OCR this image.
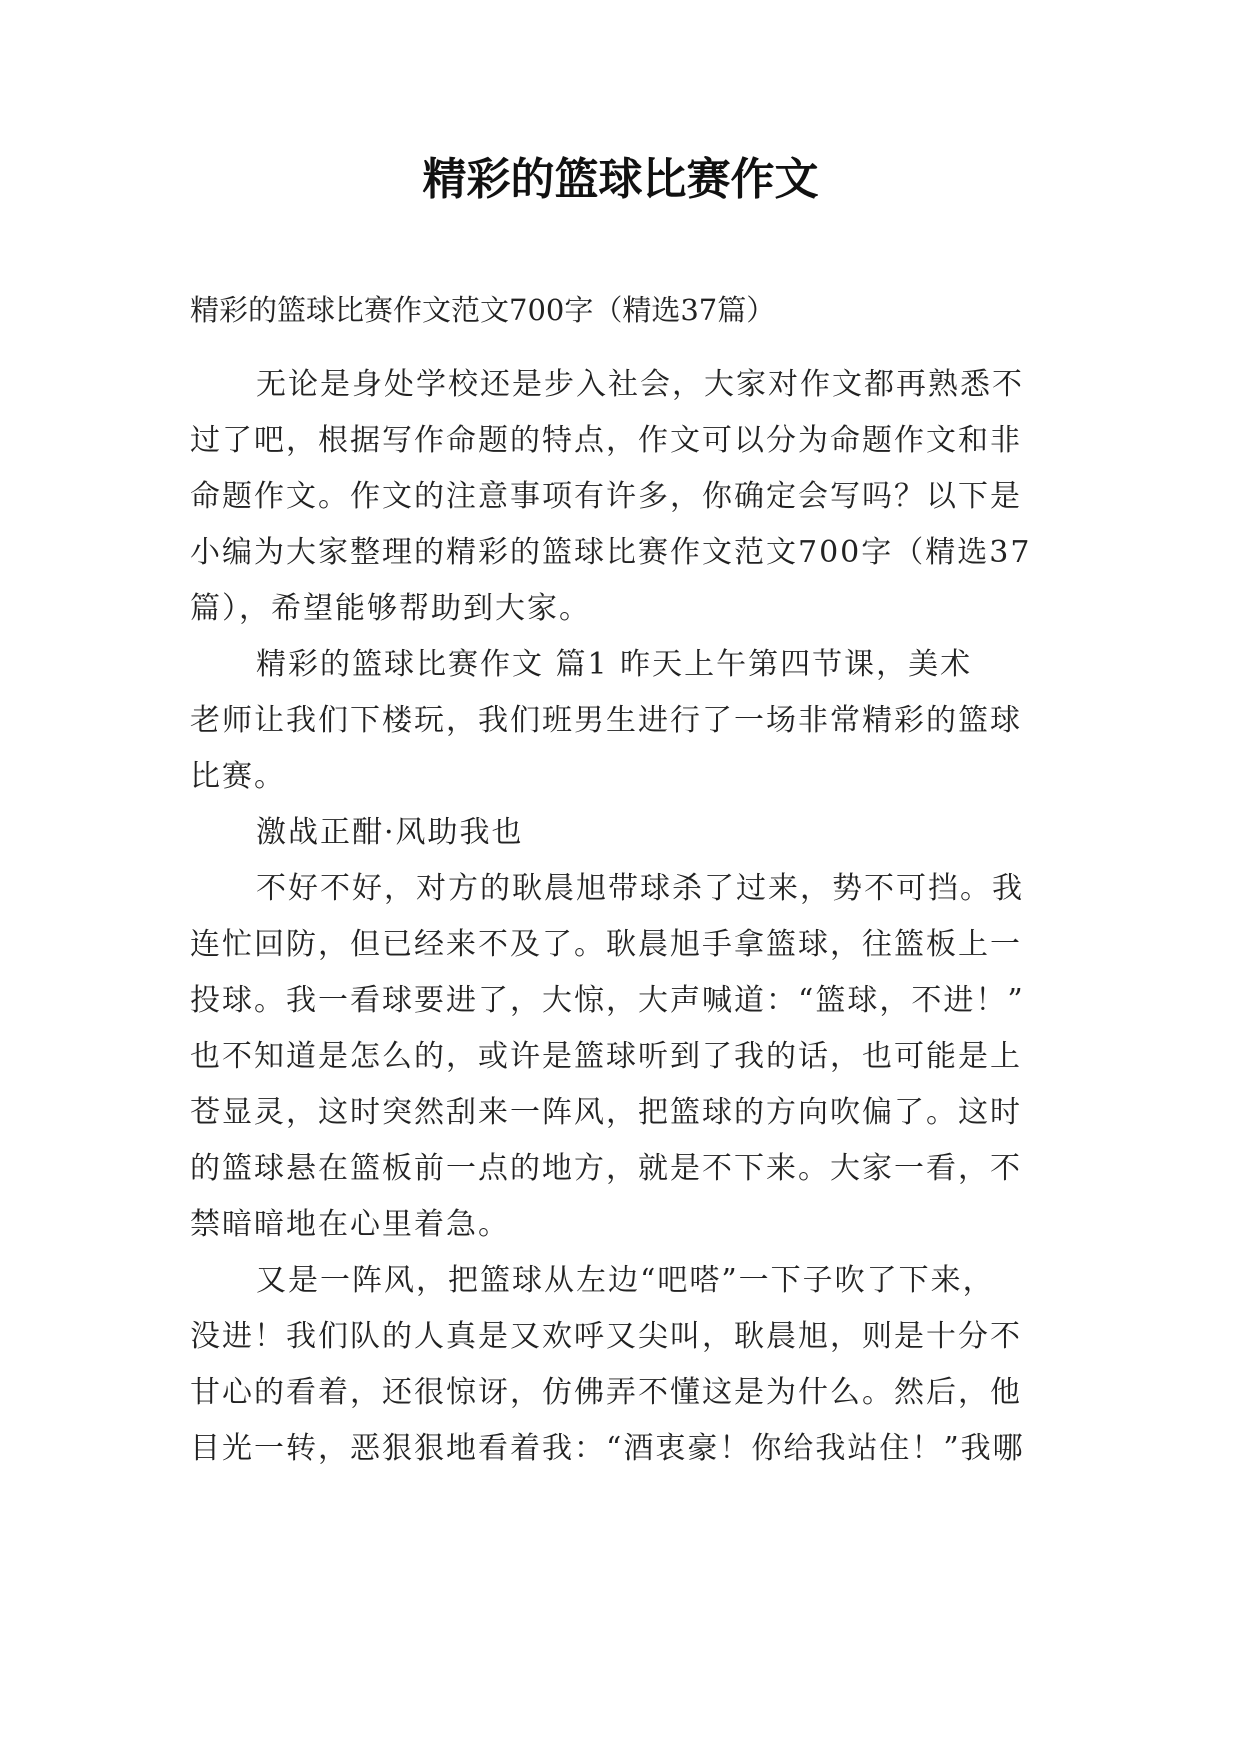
精彩的篮球比赛作文
精彩的篮球比赛作文范文700字（精选37篇）
无论是身处学校还是步入社会，大家对作文都再熟悉不
过了吧，根据写作命题的特点，作文可以分为命题作文和非
命题作文。作文的注意事项有许多，你确定会写吗？以下是
小编为大家整理的精彩的篮球比赛作文范文700字（精选37
篇），希望能够帮助到大家。
精彩的篮球比赛作文 篇1 昨天上午第四节课，美术
老师让我们下楼玩，我们班男生进行了一场非常精彩的篮球
比赛。
激战正酣·风助我也
不好不好，对方的耿晨旭带球杀了过来，势不可挡。我
连忙回防，但已经来不及了。耿晨旭手拿篮球，往篮板上一
投球。我一看球要进了，大惊，大声喊道：“篮球，不进！”
也不知道是怎么的，或许是篮球听到了我的话，也可能是上
苍显灵，这时突然刮来一阵风，把篮球的方向吹偏了。这时
的篮球悬在篮板前一点的地方，就是不下来。大家一看，不
禁暗暗地在心里着急。
又是一阵风，把篮球从左边“吧嗒”一下子吹了下来，
没进！我们队的人真是又欢呼又尖叫，耿晨旭，则是十分不
甘心的看着，还很惊讶，仿佛弄不懂这是为什么。然后，他
目光一转，恶狠狠地看着我：“酒衷豪！你给我站住！”我哪
